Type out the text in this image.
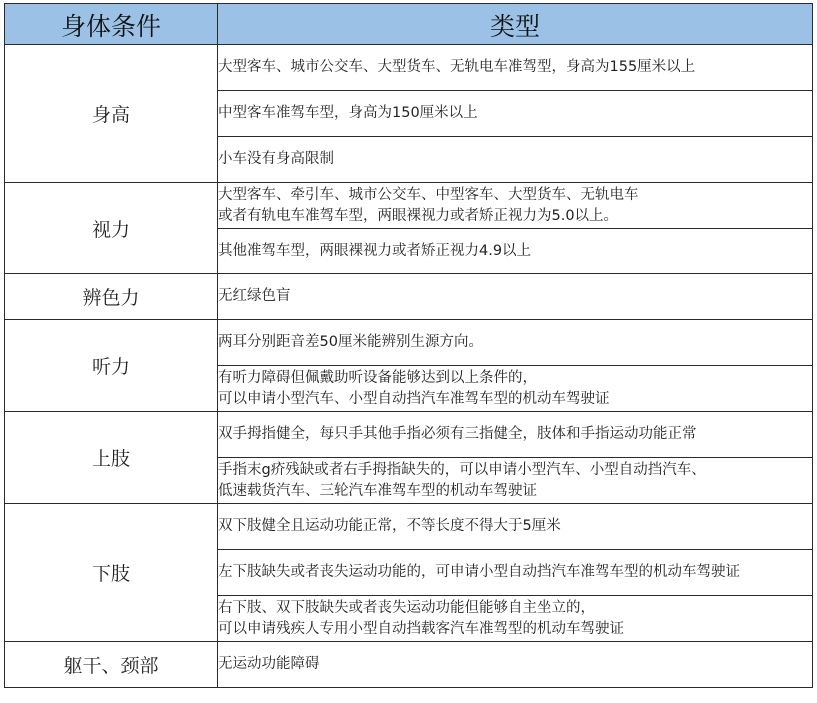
身体条件	类型
身高	大型客车、城市公交车、大型货车、无轨电车准驾型，身高为155厘米以上

	中型客车准驾车型，身高为150厘米以上

	小车没有身高限制

视力	大型客车、牵引车、城市公交车、中型客车、大型货车、无轨电车
或者有轨电车准驾车型，两眼裸视力或者矫正视力为5.0以上。

	其他准驾车型，两眼裸视力或者矫正视力4.9以上

辨色力	无红绿色盲

听力	两耳分别距音差50厘米能辨别生源方向。

	有听力障碍但佩戴助听设备能够达到以上条件的，
可以申请小型汽车、小型自动挡汽车准驾车型的机动车驾驶证

上肢	双手拇指健全，每只手其他手指必须有三指健全，肢体和手指运动功能正常

	手指末g疥残缺或者右手拇指缺失的，可以申请小型汽车、小型自动挡汽车、
低速载货汽车、三轮汽车准驾车型的机动车驾驶证

下肢	双下肢健全且运动功能正常，不等长度不得大于5厘米

	左下肢缺失或者丧失运动功能的，可申请小型自动挡汽车准驾车型的机动车驾驶证

	右下肢、双下肢缺失或者丧失运动功能但能够自主坐立的，
可以申请残疾人专用小型自动挡载客汽车准驾型的机动车驾驶证

躯干、颈部	无运动功能障碍
